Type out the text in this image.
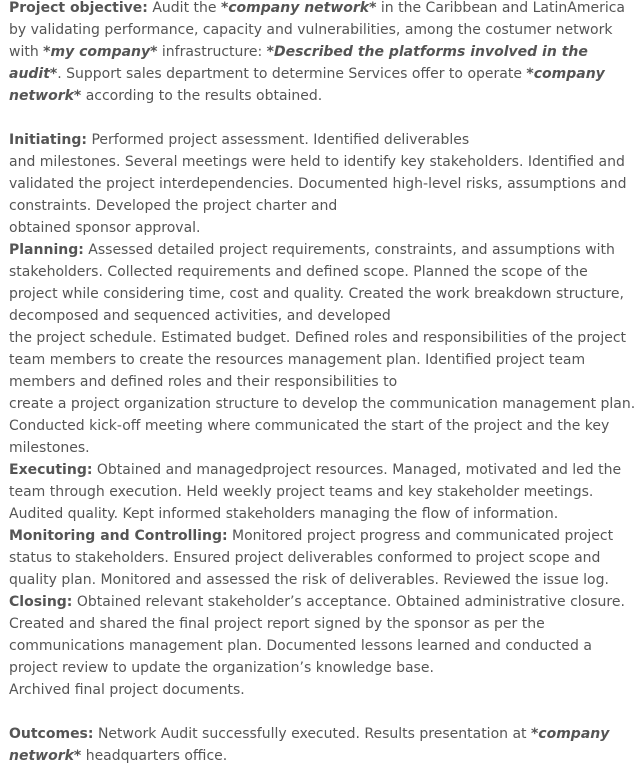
Project objective: Audit the *company network* in the Caribbean and LatinAmerica
by validating performance, capacity and vulnerabilities, among the costumer network
with *my company* infrastructure: *Described the platforms involved in the
audit*. Support sales department to determine Services offer to operate *company
network* according to the results obtained.
Initiating: Performed project assessment. Identified deliverables
and milestones. Several meetings were held to identify key stakeholders. Identified and
validated the project interdependencies. Documented high-level risks, assumptions and
constraints. Developed the project charter and
obtained sponsor approval.
Planning: Assessed detailed project requirements, constraints, and assumptions with
stakeholders. Collected requirements and defined scope. Planned the scope of the
project while considering time, cost and quality. Created the work breakdown structure,
decomposed and sequenced activities, and developed
the project schedule. Estimated budget. Defined roles and responsibilities of the project
team members to create the resources management plan. Identified project team
members and defined roles and their responsibilities to
create a project organization structure to develop the communication management plan.
Conducted kick-off meeting where communicated the start of the project and the key
milestones.
Executing: Obtained and managedproject resources. Managed, motivated and led the
team through execution. Held weekly project teams and key stakeholder meetings.
Audited quality. Kept informed stakeholders managing the flow of information.
Monitoring and Controlling: Monitored project progress and communicated project
status to stakeholders. Ensured project deliverables conformed to project scope and
quality plan. Monitored and assessed the risk of deliverables. Reviewed the issue log.
Closing: Obtained relevant stakeholder’s acceptance. Obtained administrative closure.
Created and shared the final project report signed by the sponsor as per the
communications management plan. Documented lessons learned and conducted a
project review to update the organization’s knowledge base.
Archived final project documents.
Outcomes: Network Audit successfully executed. Results presentation at *company
network* headquarters office.
